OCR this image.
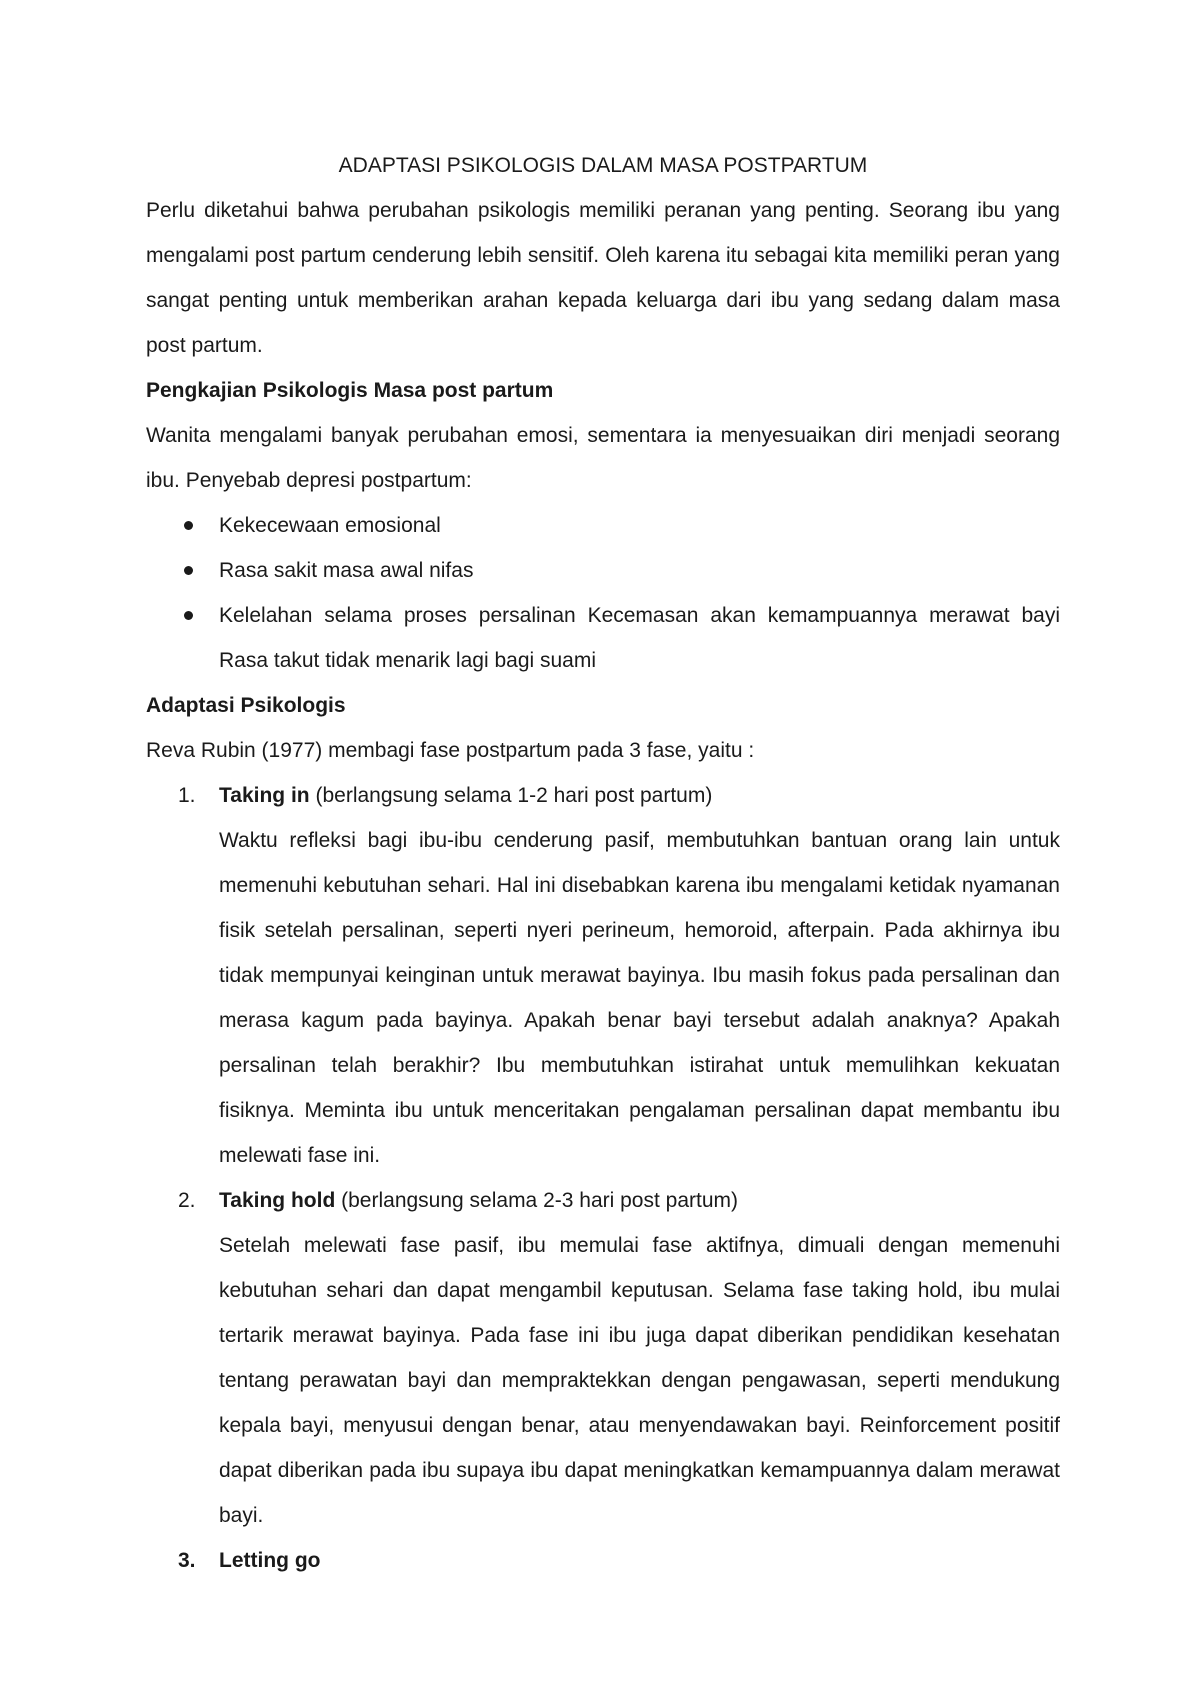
ADAPTASI PSIKOLOGIS DALAM MASA POSTPARTUM
Perlu diketahui bahwa perubahan psikologis memiliki peranan yang penting. Seorang ibu yang mengalami post partum cenderung lebih sensitif. Oleh karena itu sebagai kita memiliki peran yang sangat penting untuk memberikan arahan kepada keluarga dari ibu yang sedang dalam masa post partum.
Pengkajian Psikologis Masa post partum
Wanita mengalami banyak perubahan emosi, sementara ia menyesuaikan diri menjadi seorang ibu. Penyebab depresi postpartum:
Kekecewaan emosional
Rasa sakit masa awal nifas
Kelelahan selama proses persalinan Kecemasan akan kemampuannya merawat bayi Rasa takut tidak menarik lagi bagi suami
Adaptasi Psikologis
Reva Rubin (1977) membagi fase postpartum pada 3 fase, yaitu :
1. Taking in (berlangsung selama 1-2 hari post partum)
Waktu refleksi bagi ibu-ibu cenderung pasif, membutuhkan bantuan orang lain untuk memenuhi kebutuhan sehari. Hal ini disebabkan karena ibu mengalami ketidak nyamanan fisik setelah persalinan, seperti nyeri perineum, hemoroid, afterpain. Pada akhirnya ibu tidak mempunyai keinginan untuk merawat bayinya. Ibu masih fokus pada persalinan dan merasa kagum pada bayinya. Apakah benar bayi tersebut adalah anaknya? Apakah persalinan telah berakhir? Ibu membutuhkan istirahat untuk memulihkan kekuatan fisiknya. Meminta ibu untuk menceritakan pengalaman persalinan dapat membantu ibu melewati fase ini.
2. Taking hold (berlangsung selama 2-3 hari post partum)
Setelah melewati fase pasif, ibu memulai fase aktifnya, dimuali dengan memenuhi kebutuhan sehari dan dapat mengambil keputusan. Selama fase taking hold, ibu mulai tertarik merawat bayinya. Pada fase ini ibu juga dapat diberikan pendidikan kesehatan tentang perawatan bayi dan mempraktekkan dengan pengawasan, seperti mendukung kepala bayi, menyusui dengan benar, atau menyendawakan bayi. Reinforcement positif dapat diberikan pada ibu supaya ibu dapat meningkatkan kemampuannya dalam merawat bayi.
3. Letting go
